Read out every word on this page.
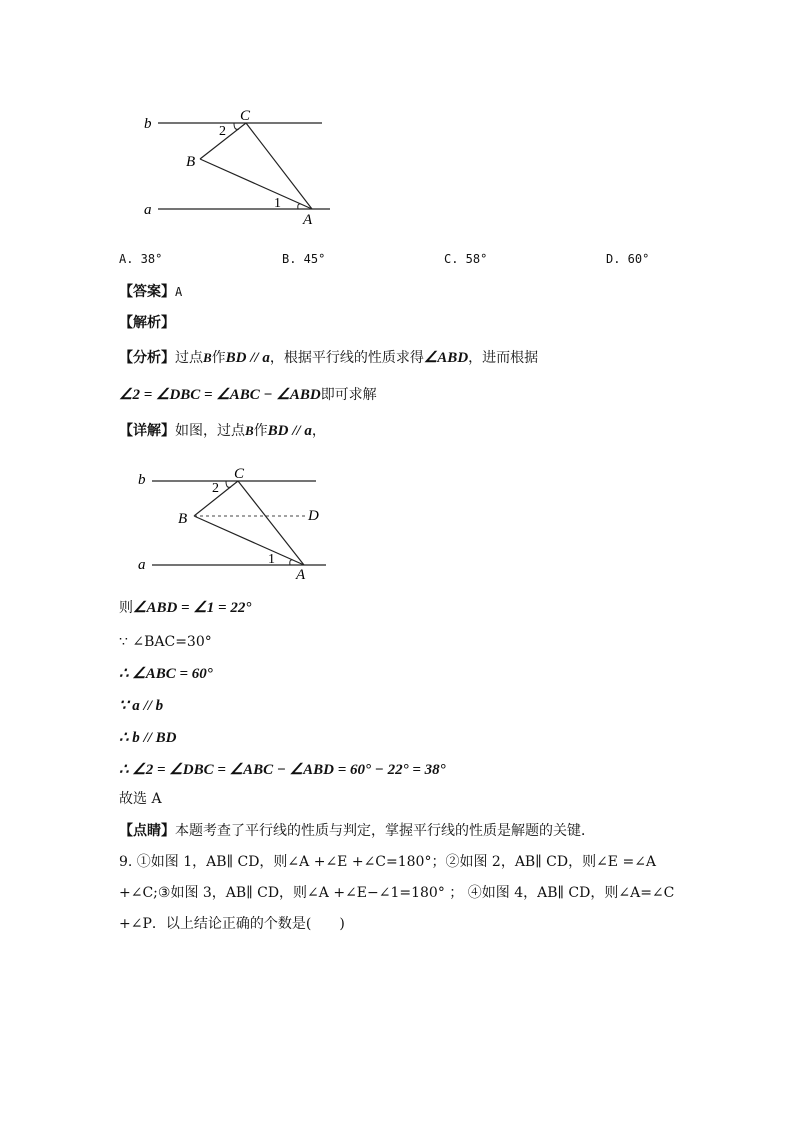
b
a
C
B
A
2
1
A. 38°	B. 45°	C. 58°	D. 60°
【答案】A
【解析】
【分析】过点B作BD // a，根据平行线的性质求得∠ABD，进而根据
∠2 = ∠DBC = ∠ABC − ∠ABD即可求解
【详解】如图，过点B作BD // a，
b
a
C
B	D
A
2
1
则∠ABD = ∠1 = 22°
∵ ∠BAC=30°
∴ ∠ABC = 60°
∵ a // b
∴ b // BD
∴ ∠2 = ∠DBC = ∠ABC − ∠ABD = 60° − 22° = 38°
故选 A
【点睛】本题考查了平行线的性质与判定，掌握平行线的性质是解题的关键．
9. ①如图 1，AB∥ CD，则∠A +∠E +∠C=180°；②如图 2，AB∥ CD，则∠E =∠A
+∠C;③如图 3，AB∥ CD，则∠A +∠E−∠1=180° ； ④如图 4，AB∥ CD，则∠A=∠C
+∠P．以上结论正确的个数是(　　)
